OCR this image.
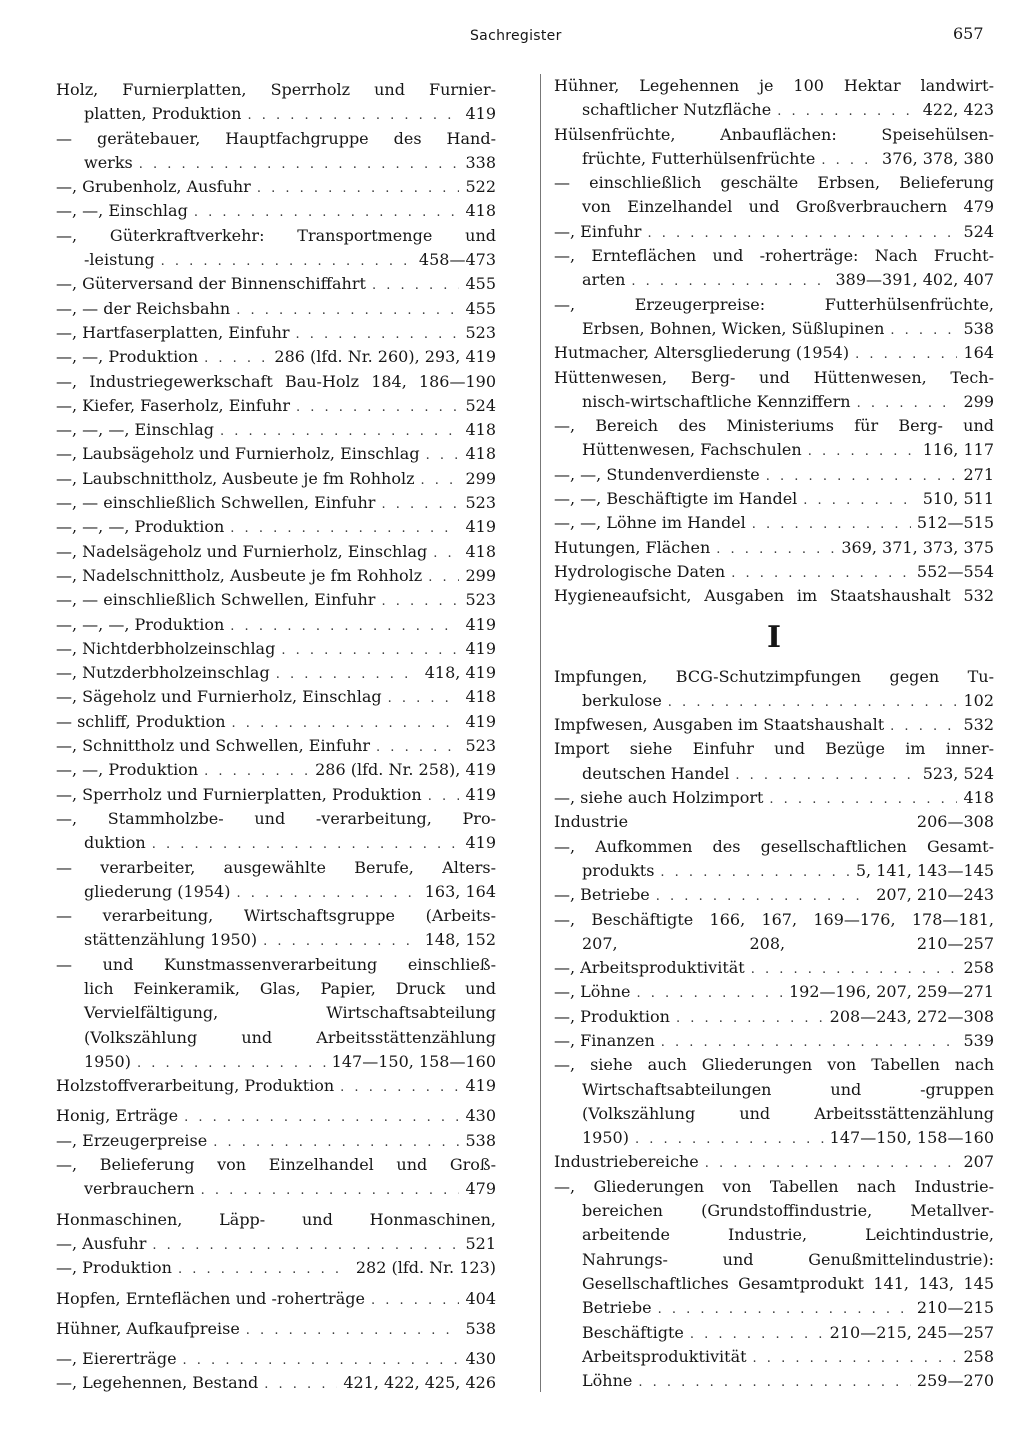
Sachregister	657
Holz, Furnierplatten, Sperrholz und Furnier-
platten, Produktion . . .	419
— gerätebauer, Hauptfachgruppe des Hand-
werks . . .	338
—, Grubenholz, Ausfuhr . . .	522
—, —, Einschlag . . .	418
—, Güterkraftverkehr: Transportmenge und
-leistung . . .	458—473
—, Güterversand der Binnenschiffahrt . . .	455
—, — der Reichsbahn . . .	455
—, Hartfaserplatten, Einfuhr . . .	523
—, —, Produktion . . .	286 (lfd. Nr. 260), 293, 419
—, Industriegewerkschaft Bau-Holz 184, 186—190
—, Kiefer, Faserholz, Einfuhr . . .	524
—, —, —, Einschlag . . .	418
—, Laubsägeholz und Furnierholz, Einschlag . . .	418
—, Laubschnittholz, Ausbeute je fm Rohholz . . .	299
—, — einschließlich Schwellen, Einfuhr . . .	523
—, —, —, Produktion . . .	419
—, Nadelsägeholz und Furnierholz, Einschlag . . . 418
—, Nadelschnittholz, Ausbeute je fm Rohholz . . .	299
—, — einschließlich Schwellen, Einfuhr . . .	523
—, —, —, Produktion . . .	419
—, Nichtderbholzeinschlag . . .	419
—, Nutzderbholzeinschlag . . .	418, 419
—, Sägeholz und Furnierholz, Einschlag . . .	418
— schliff, Produktion . . .	419
—, Schnittholz und Schwellen, Einfuhr . . .	523
—, —, Produktion . . .	286 (lfd. Nr. 258), 419
—, Sperrholz und Furnierplatten, Produktion . . .	419
—, Stammholzbe- und -verarbeitung, Pro-
duktion . . .	419
— verarbeiter, ausgewählte Berufe, Alters-
gliederung (1954) . . .	163, 164
— verarbeitung, Wirtschaftsgruppe (Arbeits-
stättenzählung 1950) . . .	148, 152
— und Kunstmassenverarbeitung einschließ-
lich Feinkeramik, Glas, Papier, Druck und
Vervielfältigung, Wirtschaftsabteilung
(Volkszählung und Arbeitsstättenzählung
1950) . . .	147—150, 158—160
Holzstoffverarbeitung, Produktion . . .	419
Honig, Erträge . . .	430
—, Erzeugerpreise . . .	538
—, Belieferung von Einzelhandel und Groß-
verbrauchern . . .	479
Honmaschinen, Läpp- und Honmaschinen,
—, Ausfuhr . . .	521
—, Produktion . . .	282 (lfd. Nr. 123)
Hopfen, Ernteflächen und -roherträge . . .	404
Hühner, Aufkaufpreise . . .	538
—, Eiererträge . . .	430
—, Legehennen, Bestand . . .	421, 422, 425, 426
Hühner, Legehennen je 100 Hektar landwirt-
schaftlicher Nutzfläche . . .	422, 423
Hülsenfrüchte, Anbauflächen: Speisehülsen-
früchte, Futterhülsenfrüchte . . .	376, 378, 380
— einschließlich geschälte Erbsen, Belieferung
von Einzelhandel und Großverbrauchern 479
—, Einfuhr . . .	524
—, Ernteflächen und -roherträge: Nach Frucht-
arten . . .	389—391, 402, 407
—, Erzeugerpreise: Futterhülsenfrüchte,
Erbsen, Bohnen, Wicken, Süßlupinen . . .	538
Hutmacher, Altersgliederung (1954) . . .	164
Hüttenwesen, Berg- und Hüttenwesen, Tech-
nisch-wirtschaftliche Kennziffern . . .	299
—, Bereich des Ministeriums für Berg- und
Hüttenwesen, Fachschulen . . .	116, 117
—, —, Stundenverdienste . . .	271
—, —, Beschäftigte im Handel . . .	510, 511
—, —, Löhne im Handel . . .	512—515
Hutungen, Flächen . . .	369, 371, 373, 375
Hydrologische Daten . . .	552—554
Hygieneaufsicht, Ausgaben im Staatshaushalt 532
I
Impfungen, BCG-Schutzimpfungen gegen Tu-
berkulose . . .	102
Impfwesen, Ausgaben im Staatshaushalt . . .	532
Import siehe Einfuhr und Bezüge im inner-
deutschen Handel . . .	523, 524
—, siehe auch Holzimport . . .	418
Industrie 206—308
—, Aufkommen des gesellschaftlichen Gesamt-
produkts . . .	5, 141, 143—145
—, Betriebe . . .	207, 210—243
—, Beschäftigte 166, 167, 169—176, 178—181,
207, 208, 210—257
—, Arbeitsproduktivität . . .	258
—, Löhne . . .	192—196, 207, 259—271
—, Produktion . . .	208—243, 272—308
—, Finanzen . . .	539
—, siehe auch Gliederungen von Tabellen nach
Wirtschaftsabteilungen und -gruppen
(Volkszählung und Arbeitsstättenzählung
1950) . . .	147—150, 158—160
Industriebereiche . . .	207
—, Gliederungen von Tabellen nach Industrie-
bereichen (Grundstoffindustrie, Metallver-
arbeitende Industrie, Leichtindustrie,
Nahrungs- und Genußmittelindustrie):
Gesellschaftliches Gesamtprodukt 141, 143, 145
Betriebe . . .	210—215
Beschäftigte . . .	210—215, 245—257
Arbeitsproduktivität . . .	258
Löhne . . .	259—270
